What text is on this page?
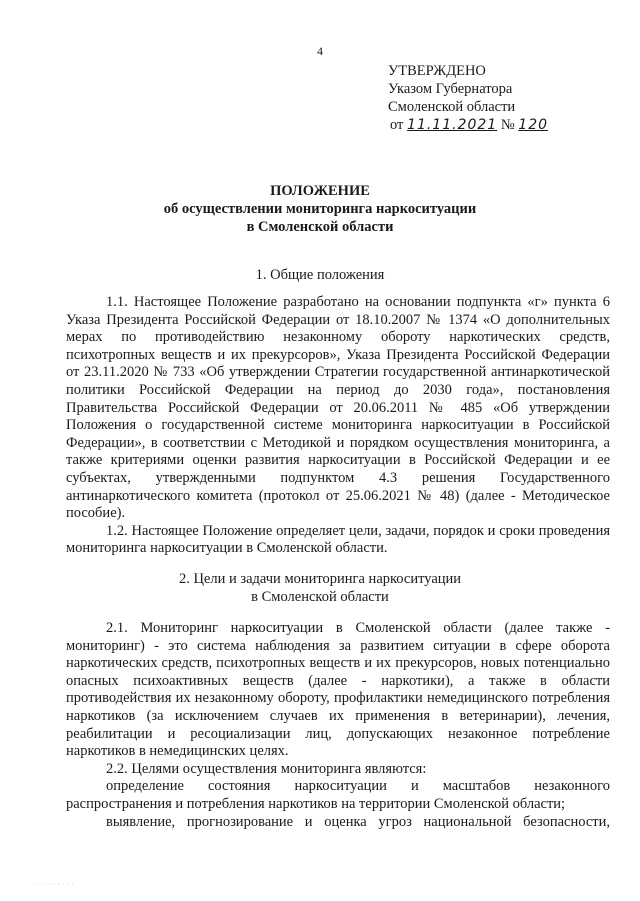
4
УТВЕРЖДЕНО
Указом Губернатора
Смоленской области
от 11.11.2021 № 120
ПОЛОЖЕНИЕ
об осуществлении мониторинга наркоситуации
в Смоленской области
1. Общие положения

1.1. Настоящее Положение разработано на основании подпункта «г» пункта 6 Указа Президента Российской Федерации от 18.10.2007 № 1374 «О дополнительных мерах по противодействию незаконному обороту наркотических средств, психотропных веществ и их прекурсоров», Указа Президента Российской Федерации от 23.11.2020 № 733 «Об утверждении Стратегии государственной антинаркотической политики Российской Федерации на период до 2030 года», постановления Правительства Российской Федерации от 20.06.2011 № 485 «Об утверждении Положения о государственной системе мониторинга наркоситуации в Российской Федерации», в соответствии с Методикой и порядком осуществления мониторинга, а также критериями оценки развития наркоситуации в Российской Федерации и ее субъектах, утвержденными подпунктом 4.3 решения Государственного антинаркотического комитета (протокол от 25.06.2021 № 48) (далее - Методическое пособие).

1.2. Настоящее Положение определяет цели, задачи, порядок и сроки проведения мониторинга наркоситуации в Смоленской области.

2. Цели и задачи мониторинга наркоситуации
в Смоленской области

2.1. Мониторинг наркоситуации в Смоленской области (далее также - мониторинг) - это система наблюдения за развитием ситуации в сфере оборота наркотических средств, психотропных веществ и их прекурсоров, новых потенциально опасных психоактивных веществ (далее - наркотики), а также в области противодействия их незаконному обороту, профилактики немедицинского потребления наркотиков (за исключением случаев их применения в ветеринарии), лечения, реабилитации и ресоциализации лиц, допускающих незаконное потребление наркотиков в немедицинских целях.

2.2. Целями осуществления мониторинга являются:

определение состояния наркоситуации и масштабов незаконного распространения и потребления наркотиков на территории Смоленской области;

выявление, прогнозирование и оценка угроз национальной безопасности,

·········
